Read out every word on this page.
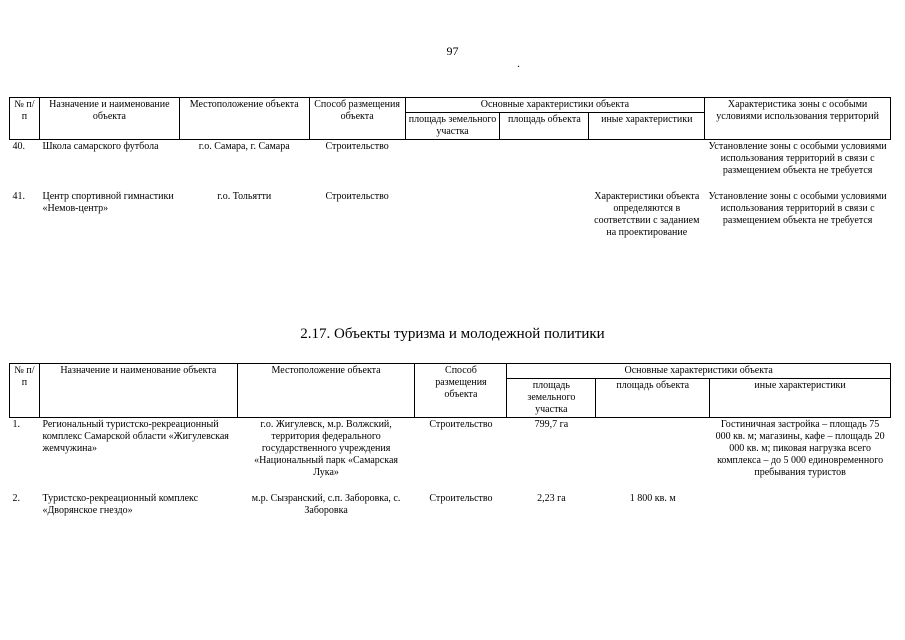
97
.
№ п/п	Назначение и наименование объекта	Местоположение объекта	Способ размещения объекта	Основные характеристики объекта			Характеристика зоны с особыми условиями использования территорий
				площадь земельного участка	площадь объекта	иные характеристики	
40.	Школа самарского футбола	г.о. Самара, г. Самара	Строительство				Установление зоны с особыми условиями использования территорий в связи с размещением объекта не требуется

41.	Центр спортивной гимнастики «Немов-центр»	г.о. Тольятти	Строительство			Характеристики объекта определяются в соответствии с заданием на проектирование	Установление зоны с особыми условиями использования территорий в связи с размещением объекта не требуется
2.17. Объекты туризма и молодежной политики
№ п/п	Назначение и наименование объекта	Местоположение объекта	Способ размещения объекта	Основные характеристики объекта		
				площадь земельного участка	площадь объекта	иные характеристики
1.	Региональный туристско-рекреационный комплекс Самарской области «Жигулевская жемчужина»	г.о. Жигулевск, м.р. Волжский, территория федерального государственного учреждения «Национальный парк «Самарская Лука»	Строительство	799,7 га		Гостиничная застройка – площадь 75 000 кв. м; магазины, кафе – площадь 20 000 кв. м; пиковая нагрузка всего комплекса – до 5 000 единовременного пребывания туристов

2.	Туристско-рекреационный комплекс «Дворянское гнездо»	м.р. Сызранский, с.п. Заборовка, с. Заборовка	Строительство	2,23 га	1 800 кв. м	
